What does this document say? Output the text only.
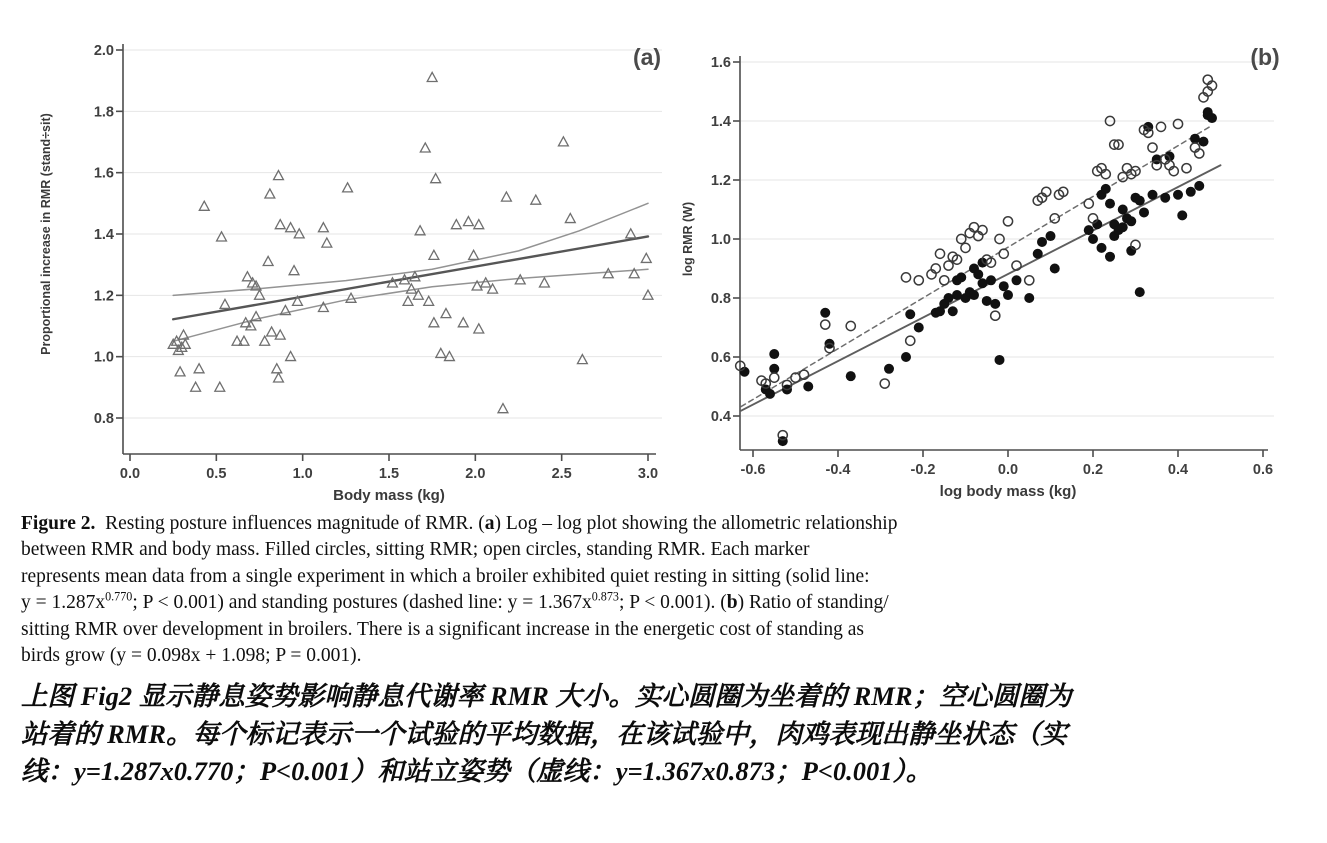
0.0	0.5	1.0	1.5	2.0	2.5	3.0
0.8
1.0
1.2
1.4
1.6
1.8
2.0
Body mass (kg)
Proportional increase in RMR (stand÷sit)
(a)
-0.6	-0.4	-0.2	0.0	0.2	0.4	0.6
0.4
0.6
0.8
1.0
1.2
1.4
1.6
log body mass (kg)
log RMR (W)
(b)

Figure 2.  Resting posture influences magnitude of RMR. (a) Log – log plot showing the allometric relationship
between RMR and body mass. Filled circles, sitting RMR; open circles, standing RMR. Each marker
represents mean data from a single experiment in which a broiler exhibited quiet resting in sitting (solid line:
$y = 1.287x^{0.770}$; P < 0.001) and standing postures (dashed line: $y = 1.367x^{0.873}$; P < 0.001). (b) Ratio of standing/
sitting RMR over development in broilers. There is a significant increase in the energetic cost of standing as
birds grow (y = 0.098x + 1.098; P = 0.001).

上图 Fig2 显示静息姿势影响静息代谢率 RMR 大小。实心圆圈为坐着的 RMR；空心圆圈为
站着的 RMR。每个标记表示一个试验的平均数据，在该试验中，肉鸡表现出静坐状态（实
线：y=1.287x0.770；P<0.001）和站立姿势（虚线：y=1.367x0.873；P<0.001）。
